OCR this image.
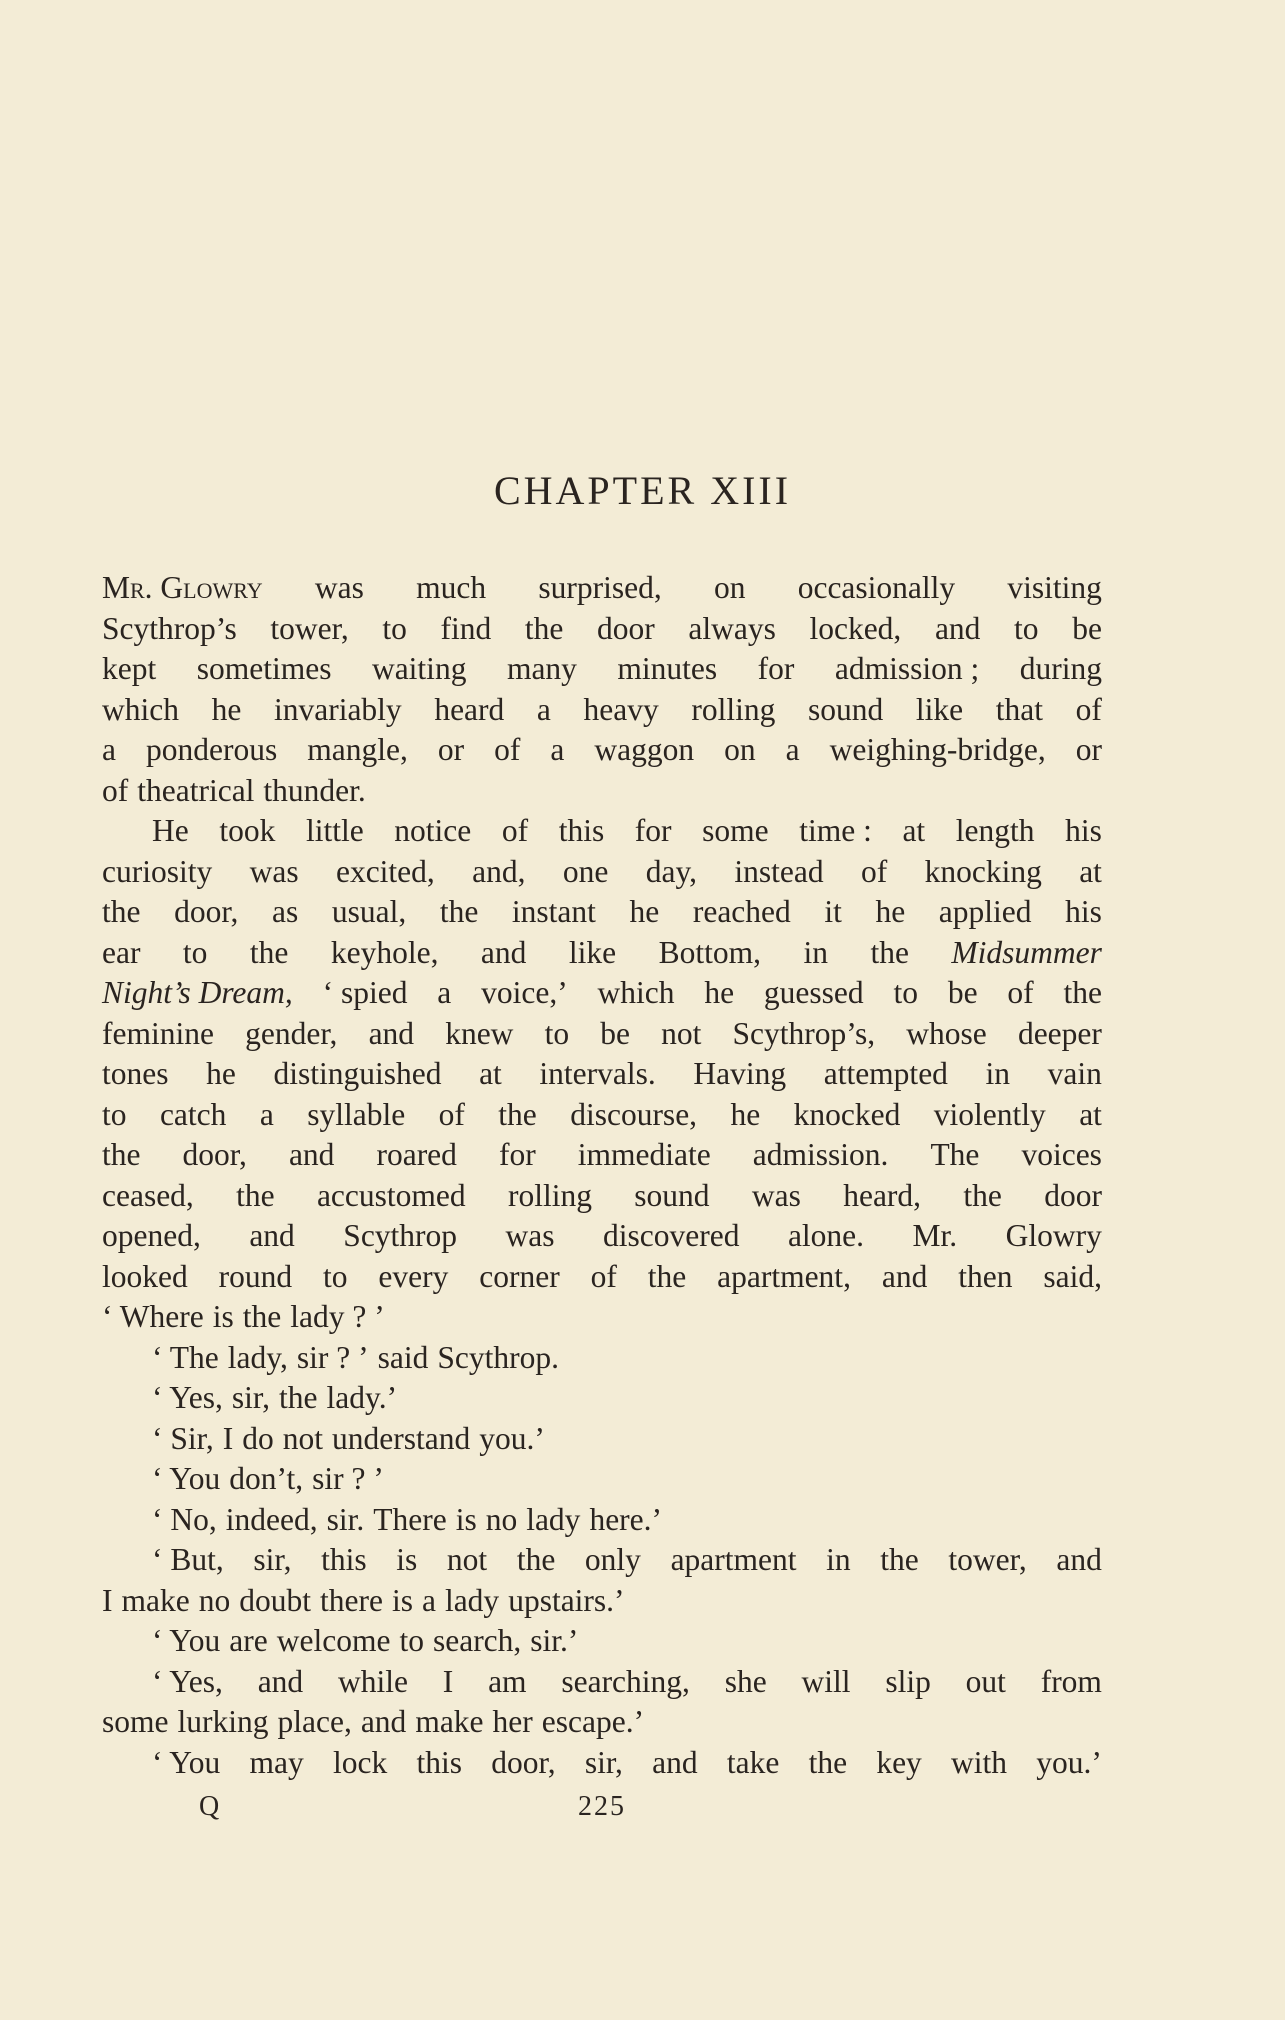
CHAPTER XIII
Mr. Glowry was much surprised, on occasionally visiting
Scythrop’s tower, to find the door always locked, and to be
kept sometimes waiting many minutes for admission ; during
which he invariably heard a heavy rolling sound like that of
a ponderous mangle, or of a waggon on a weighing-bridge, or
of theatrical thunder.
He took little notice of this for some time : at length his
curiosity was excited, and, one day, instead of knocking at
the door, as usual, the instant he reached it he applied his
ear to the keyhole, and like Bottom, in the Midsummer
Night’s Dream, ‘ spied a voice,’ which he guessed to be of the
feminine gender, and knew to be not Scythrop’s, whose deeper
tones he distinguished at intervals. Having attempted in vain
to catch a syllable of the discourse, he knocked violently at
the door, and roared for immediate admission. The voices
ceased, the accustomed rolling sound was heard, the door
opened, and Scythrop was discovered alone. Mr. Glowry
looked round to every corner of the apartment, and then said,
‘ Where is the lady ? ’
‘ The lady, sir ? ’ said Scythrop.
‘ Yes, sir, the lady.’
‘ Sir, I do not understand you.’
‘ You don’t, sir ? ’
‘ No, indeed, sir. There is no lady here.’
‘ But, sir, this is not the only apartment in the tower, and
I make no doubt there is a lady upstairs.’
‘ You are welcome to search, sir.’
‘ Yes, and while I am searching, she will slip out from
some lurking place, and make her escape.’
‘ You may lock this door, sir, and take the key with you.’
Q	225
